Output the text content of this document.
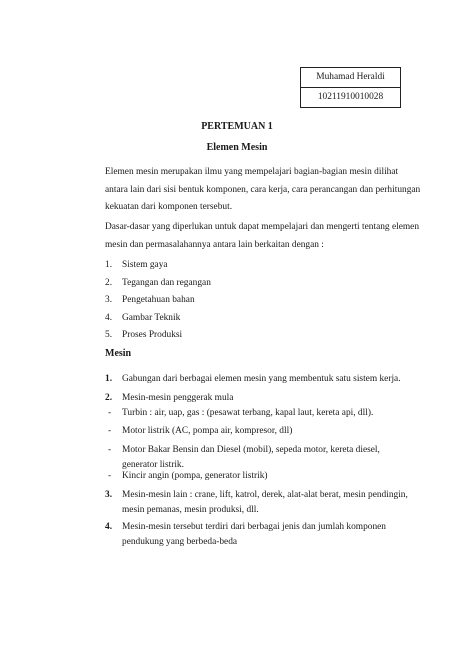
Muhamad Heraldi
10211910010028
PERTEMUAN 1
Elemen Mesin
Elemen mesin merupakan ilmu yang mempelajari bagian-bagian mesin dilihat
antara lain dari sisi bentuk komponen, cara kerja, cara perancangan dan perhitungan
kekuatan dari komponen tersebut.
Dasar-dasar yang diperlukan untuk dapat mempelajari dan mengerti tentang elemen
mesin dan permasalahannya antara lain berkaitan dengan :
1.	Sistem gaya
2.	Tegangan dan regangan
3.	Pengetahuan bahan
4.	Gambar Teknik
5.	Proses Produksi
Mesin
1. Gabungan dari berbagai elemen mesin yang membentuk satu sistem kerja.
2. Mesin-mesin penggerak mula
- Turbin : air, uap, gas : (pesawat terbang, kapal laut, kereta api, dll).
- Motor listrik (AC, pompa air, kompresor, dll)
- Motor Bakar Bensin dan Diesel (mobil), sepeda motor, kereta diesel,
generator listrik.
- Kincir angin (pompa, generator listrik)
3. Mesin-mesin lain : crane, lift, katrol, derek, alat-alat berat, mesin pendingin,
mesin pemanas, mesin produksi, dll.
4. Mesin-mesin tersebut terdiri dari berbagai jenis dan jumlah komponen
pendukung yang berbeda-beda
